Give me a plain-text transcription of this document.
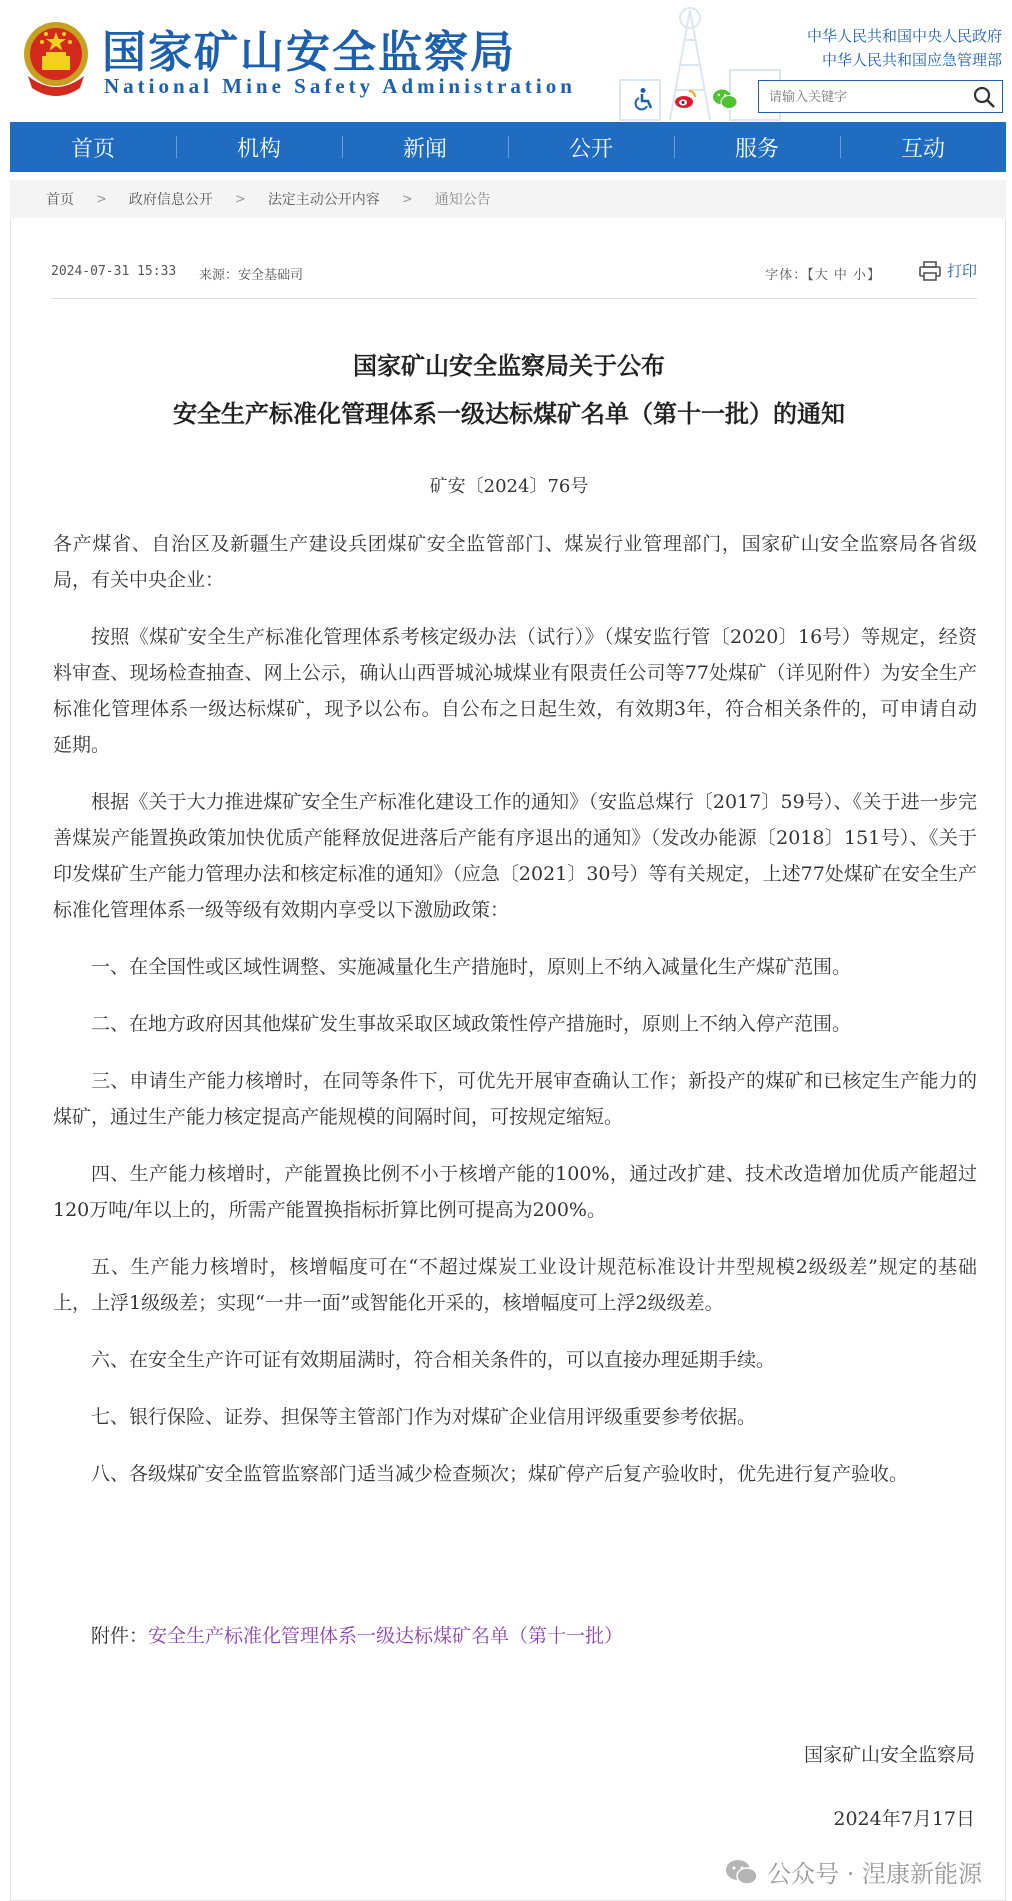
国家矿山安全监察局
National Mine Safety Administration
中华人民共和国中央人民政府
中华人民共和国应急管理部
请输入关键字
首页	机构	新闻	公开	服务	互动
首页 > 政府信息公开 > 法定主动公开内容 > 通知公告
2024-07-31 15:33 来源：安全基础司	字体：【大 中 小】	打印
国家矿山安全监察局关于公布
安全生产标准化管理体系一级达标煤矿名单（第十一批）的通知
矿安〔2024〕76号

各产煤省、自治区及新疆生产建设兵团煤矿安全监管部门、煤炭行业管理部门，国家矿山安全监察局各省级局，有关中央企业：

按照《煤矿安全生产标准化管理体系考核定级办法（试行）》（煤安监行管〔2020〕16号）等规定，经资料审查、现场检查抽查、网上公示，确认山西晋城沁城煤业有限责任公司等77处煤矿（详见附件）为安全生产标准化管理体系一级达标煤矿，现予以公布。自公布之日起生效，有效期3年，符合相关条件的，可申请自动延期。

根据《关于大力推进煤矿安全生产标准化建设工作的通知》（安监总煤行〔2017〕59号）、《关于进一步完善煤炭产能置换政策加快优质产能释放促进落后产能有序退出的通知》（发改办能源〔2018〕151号）、《关于印发煤矿生产能力管理办法和核定标准的通知》（应急〔2021〕30号）等有关规定，上述77处煤矿在安全生产标准化管理体系一级等级有效期内享受以下激励政策：

一、在全国性或区域性调整、实施减量化生产措施时，原则上不纳入减量化生产煤矿范围。

二、在地方政府因其他煤矿发生事故采取区域政策性停产措施时，原则上不纳入停产范围。

三、申请生产能力核增时，在同等条件下，可优先开展审查确认工作；新投产的煤矿和已核定生产能力的煤矿，通过生产能力核定提高产能规模的间隔时间，可按规定缩短。

四、生产能力核增时，产能置换比例不小于核增产能的100%，通过改扩建、技术改造增加优质产能超过120万吨/年以上的，所需产能置换指标折算比例可提高为200%。

五、生产能力核增时，核增幅度可在“不超过煤炭工业设计规范标准设计井型规模2级级差”规定的基础上，上浮1级级差；实现“一井一面”或智能化开采的，核增幅度可上浮2级级差。

六、在安全生产许可证有效期届满时，符合相关条件的，可以直接办理延期手续。

七、银行保险、证券、担保等主管部门作为对煤矿企业信用评级重要参考依据。

八、各级煤矿安全监管监察部门适当减少检查频次；煤矿停产后复产验收时，优先进行复产验收。

附件：安全生产标准化管理体系一级达标煤矿名单（第十一批）
国家矿山安全监察局
2024年7月17日
公众号 · 涅康新能源
